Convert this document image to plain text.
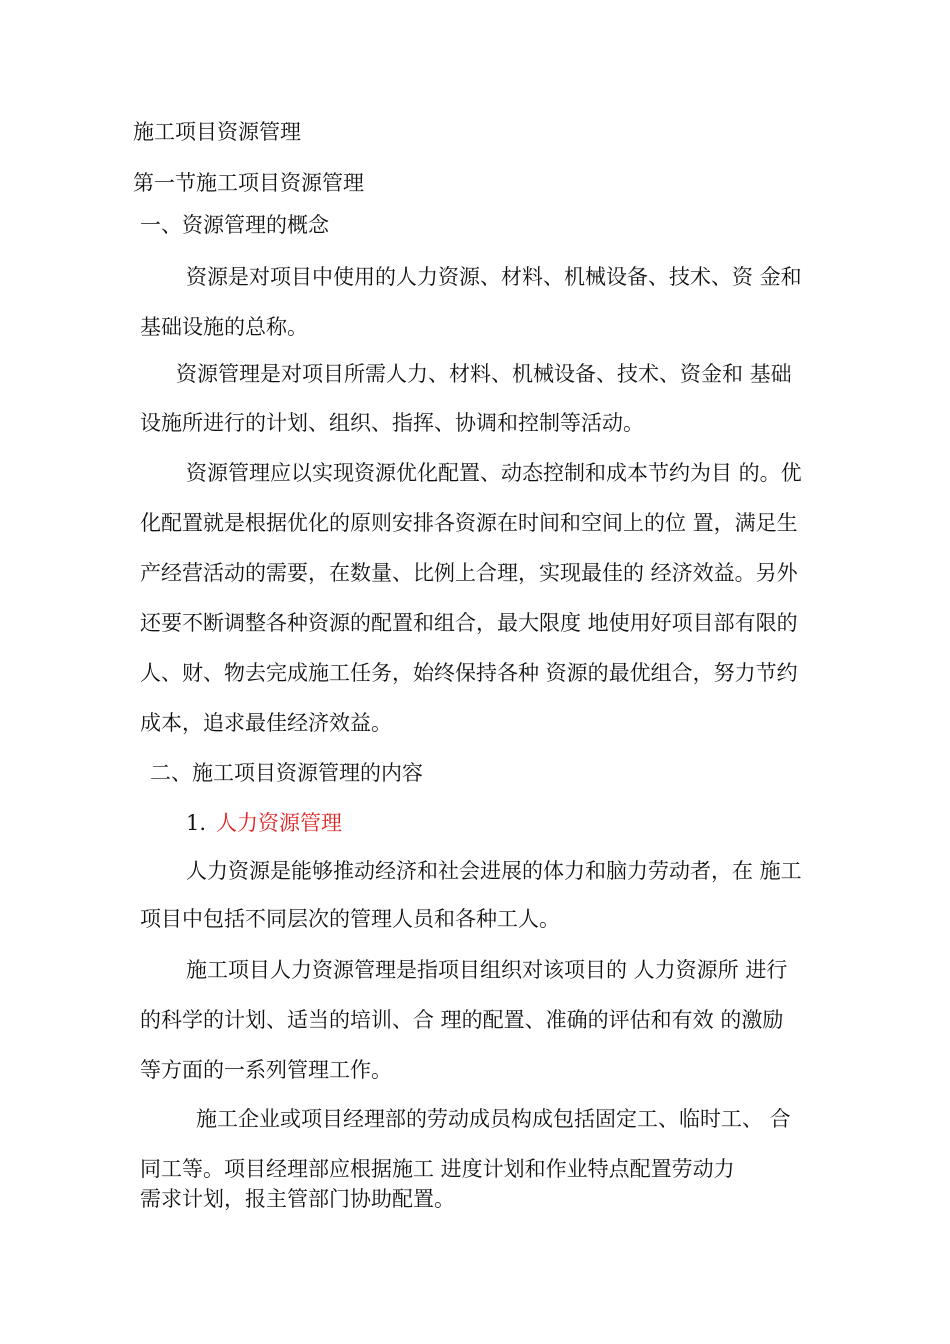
施工项目资源管理
第一节施工项目资源管理
一、资源管理的概念
资源是对项目中使用的人力资源、材料、机械设备、技术、资 金和
基础设施的总称。
资源管理是对项目所需人力、材料、机械设备、技术、资金和 基础
设施所进行的计划、组织、指挥、协调和控制等活动。
资源管理应以实现资源优化配置、动态控制和成本节约为目 的。优
化配置就是根据优化的原则安排各资源在时间和空间上的位 置，满足生
产经营活动的需要，在数量、比例上合理，实现最佳的 经济效益。另外
还要不断调整各种资源的配置和组合，最大限度 地使用好项目部有限的
人、财、物去完成施工任务，始终保持各种 资源的最优组合，努力节约
成本，追求最佳经济效益。
二、施工项目资源管理的内容
1. 人力资源管理
人力资源是能够推动经济和社会进展的体力和脑力劳动者，在 施工
项目中包括不同层次的管理人员和各种工人。
施工项目人力资源管理是指项目组织对该项目的 人力资源所 进行
的科学的计划、适当的培训、合 理的配置、准确的评估和有效 的激励
等方面的一系列管理工作。
施工企业或项目经理部的劳动成员构成包括固定工、临时工、 合
同工等。项目经理部应根据施工 进度计划和作业特点配置劳动力
需求计划，报主管部门协助配置。
